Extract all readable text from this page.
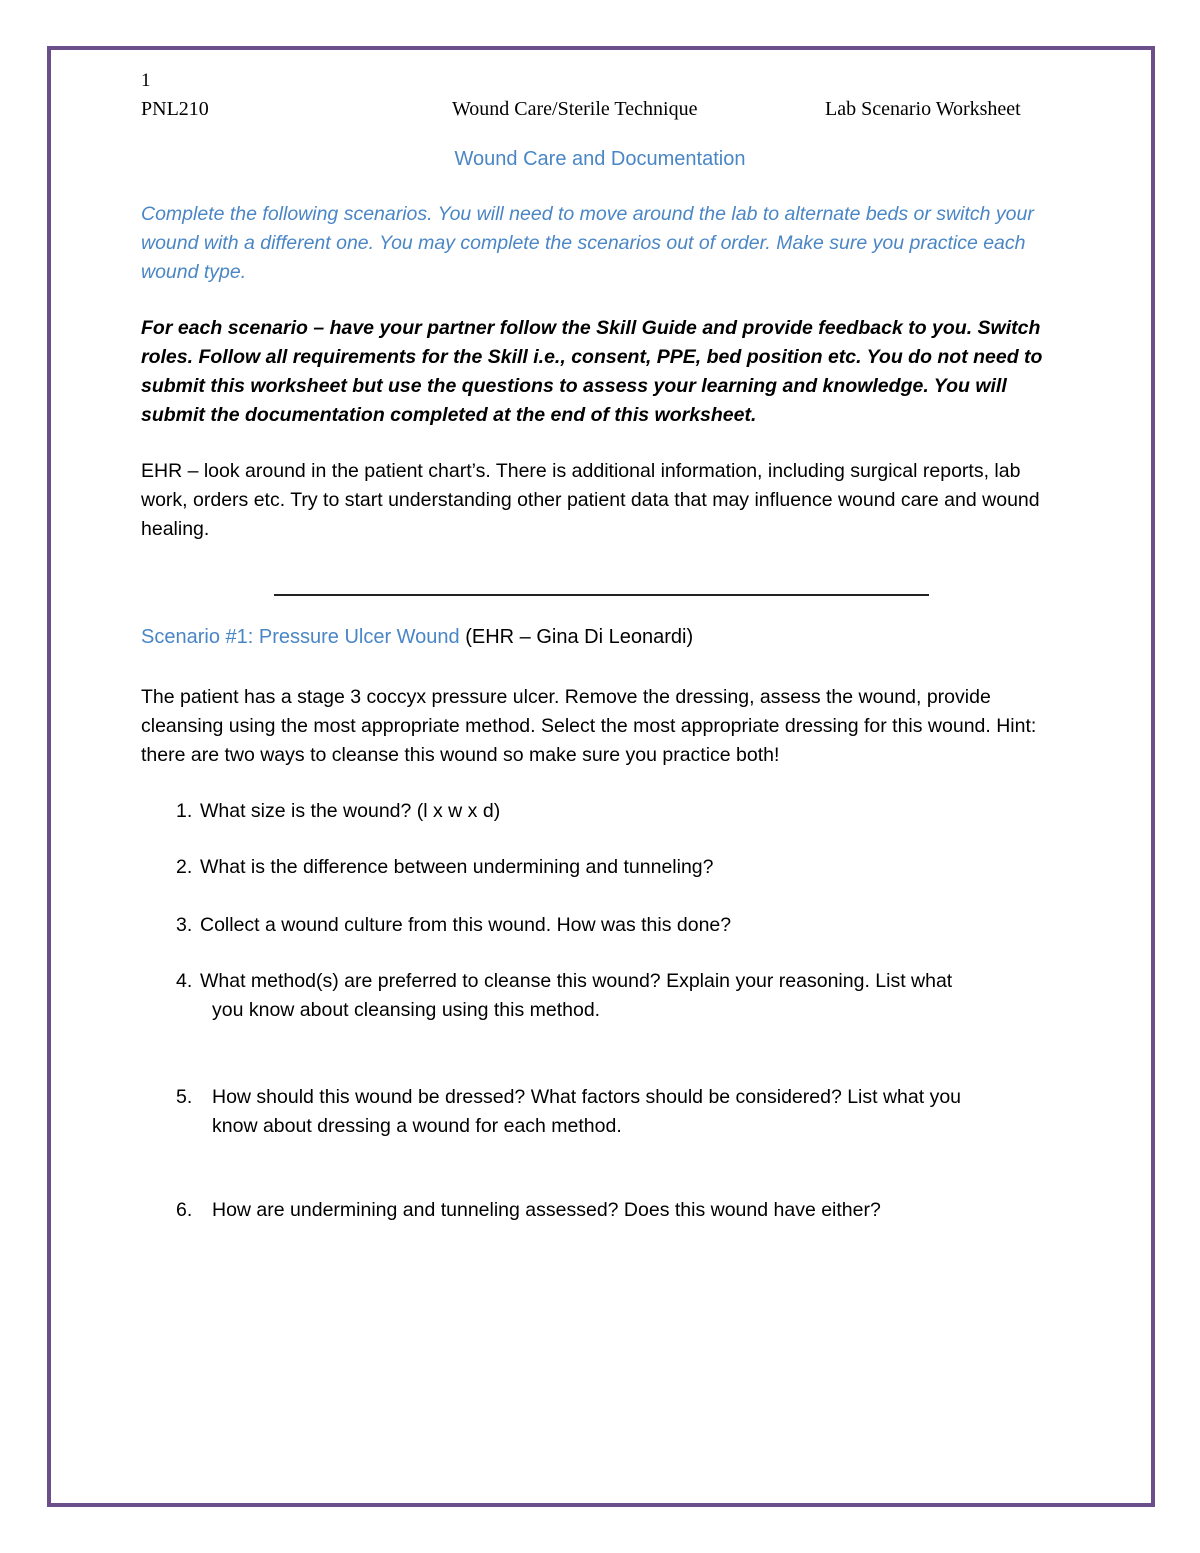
1
PNL210	Wound Care/Sterile Technique	Lab Scenario Worksheet
Wound Care and Documentation
Complete the following scenarios. You will need to move around the lab to alternate beds or switch your wound with a different one. You may complete the scenarios out of order. Make sure you practice each wound type.
For each scenario – have your partner follow the Skill Guide and provide feedback to you. Switch roles. Follow all requirements for the Skill i.e., consent, PPE, bed position etc. You do not need to submit this worksheet but use the questions to assess your learning and knowledge. You will submit the documentation completed at the end of this worksheet.
EHR – look around in the patient chart’s. There is additional information, including surgical reports, lab work, orders etc. Try to start understanding other patient data that may influence wound care and wound healing.
Scenario #1: Pressure Ulcer Wound (EHR – Gina Di Leonardi)
The patient has a stage 3 coccyx pressure ulcer. Remove the dressing, assess the wound, provide cleansing using the most appropriate method. Select the most appropriate dressing for this wound. Hint: there are two ways to cleanse this wound so make sure you practice both!
1. What size is the wound? (l x w x d)
2. What is the difference between undermining and tunneling?
3. Collect a wound culture from this wound. How was this done?
4. What method(s) are preferred to cleanse this wound? Explain your reasoning. List what
you know about cleansing using this method.
5. How should this wound be dressed? What factors should be considered? List what you
know about dressing a wound for each method.
6. How are undermining and tunneling assessed? Does this wound have either?
